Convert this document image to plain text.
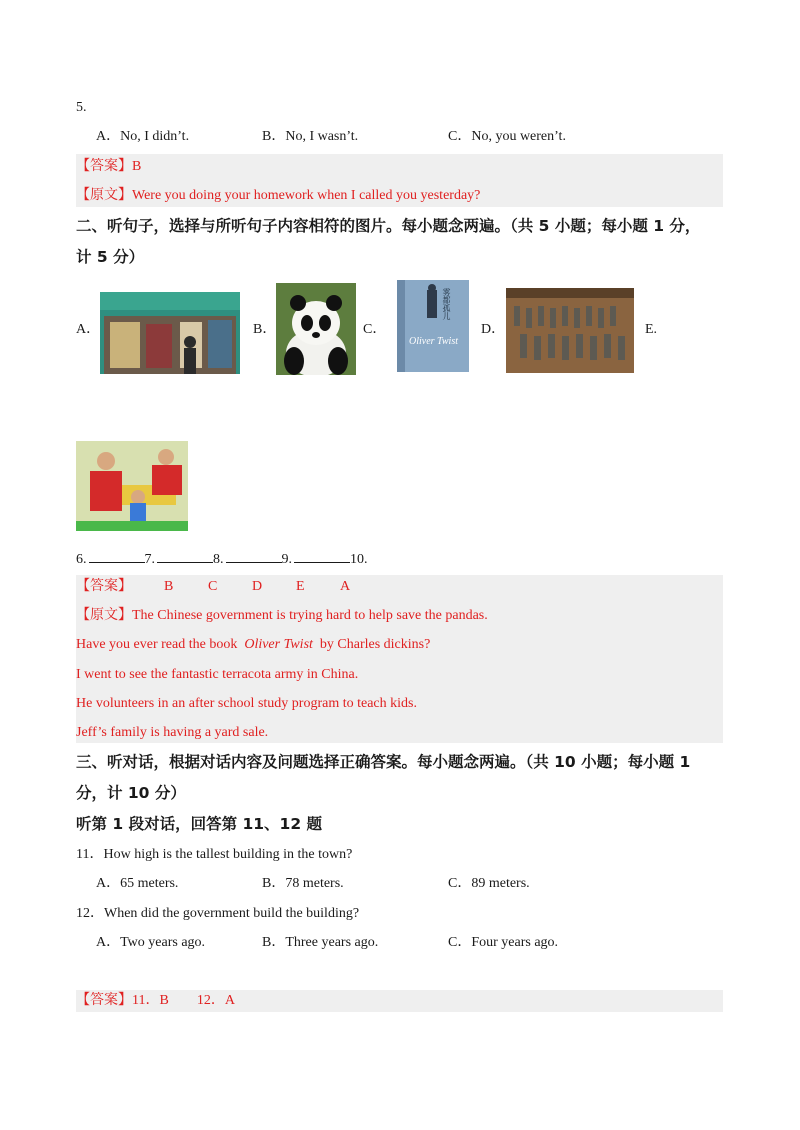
5.
A．No, I didn’t.	B．No, I wasn’t.	C．No, you weren’t.
【答案】B
【原文】Were you doing your homework when I called you yesterday?
二、听句子，选择与所听句子内容相符的图片。每小题念两遍。（共 5 小题；每小题 1 分，
计 5 分）
A．	B．	C．
雾都孤儿
Oliver Twist
D．	E.
6.	7.	8.	9.	10.
【答案】 B C D E	A
【原文】The Chinese government is trying hard to help save the pandas.
Have you ever read the book Oliver Twist by Charles dickins?
I went to see the fantastic terracota army in China.
He volunteers in an after school study program to teach kids.
Jeff’s family is having a yard sale.
三、听对话，根据对话内容及问题选择正确答案。每小题念两遍。（共 10 小题；每小题 1
分，计 10 分）
听第 1 段对话，回答第 11、12 题
11．How high is the tallest building in the town?
A．65 meters.	B．78 meters.	C．89 meters.
12．When did the government build the building?
A．Two years ago.	B．Three years ago.	C．Four years ago.
【答案】11．B　　12．A
